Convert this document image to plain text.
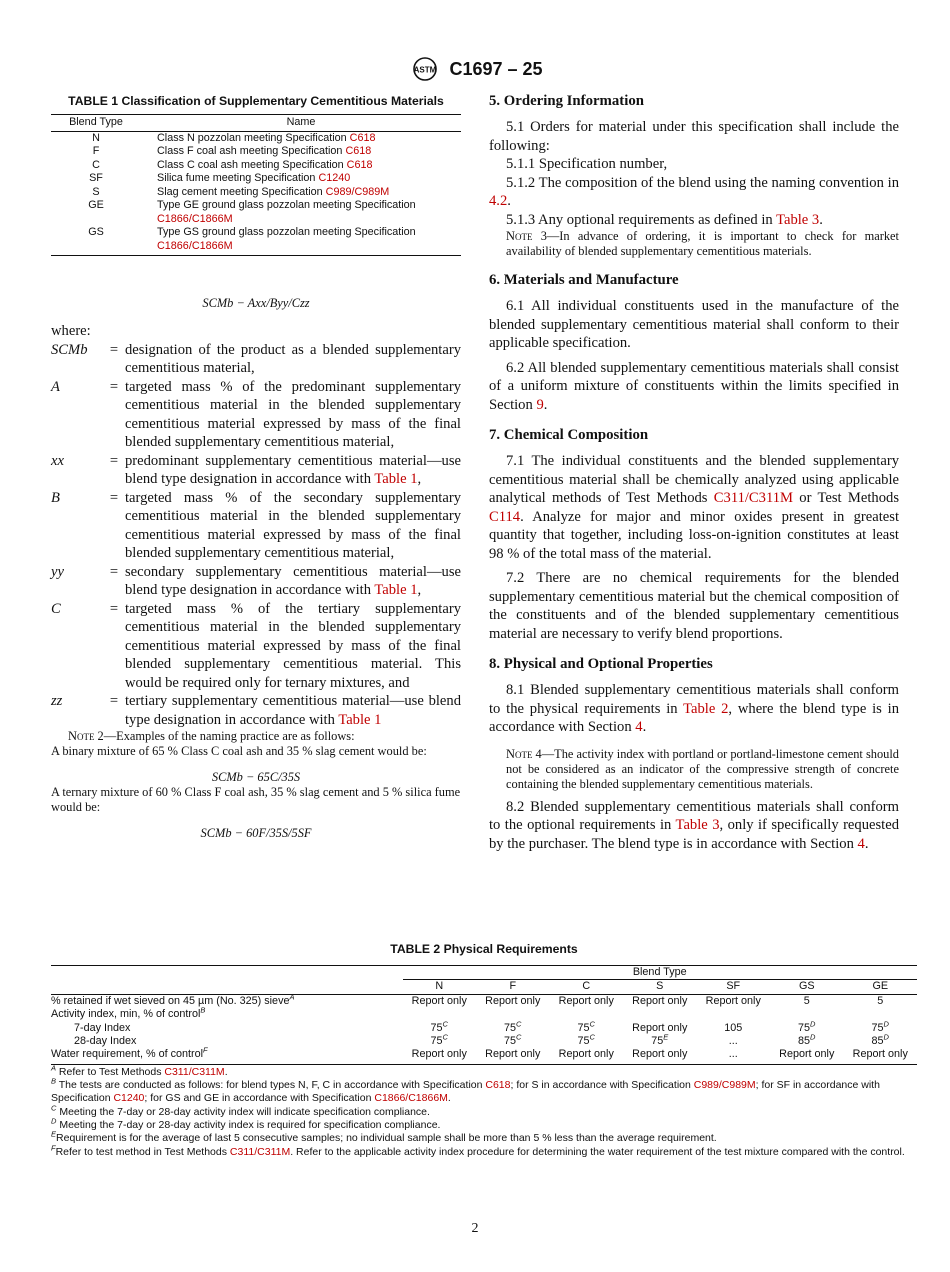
ASTM C1697 – 25
TABLE 1 Classification of Supplementary Cementitious Materials
Blend Type	Name
N	Class N pozzolan meeting Specification C618
F	Class F coal ash meeting Specification C618
C	Class C coal ash meeting Specification C618
SF	Silica fume meeting Specification C1240
S	Slag cement meeting Specification C989/C989M
GE	Type GE ground glass pozzolan meeting Specification
C1866/C1866M
GS	Type GS ground glass pozzolan meeting Specification
C1866/C1866M
SCMb − Axx/Byy/Czz
where:
SCMb	= designation of the product as a blended supplementary cementitious material,
A	= targeted mass % of the predominant supplementary cementitious material in the blended supplementary cementitious material expressed by mass of the final blended supplementary cementitious material,
xx	= predominant supplementary cementitious material—use blend type designation in accordance with Table 1,
B	= targeted mass % of the secondary supplementary cementitious material in the blended supplementary cementitious material expressed by mass of the final blended supplementary cementitious material,
yy	= secondary supplementary cementitious material—use blend type designation in accordance with Table 1,
C	= targeted mass % of the tertiary supplementary cementitious material in the blended supplementary cementitious material expressed by mass of the final blended supplementary cementitious material. This would be required only for ternary mixtures, and
zz	= tertiary supplementary cementitious material—use blend type designation in accordance with Table 1
Note 2—Examples of the naming practice are as follows:
A binary mixture of 65 % Class C coal ash and 35 % slag cement would be:
SCMb − 65C/35S
A ternary mixture of 60 % Class F coal ash, 35 % slag cement and 5 % silica fume would be:
SCMb − 60F/35S/5SF
5. Ordering Information

5.1 Orders for material under this specification shall include the following:

5.1.1 Specification number,

5.1.2 The composition of the blend using the naming convention in 4.2.

5.1.3 Any optional requirements as defined in Table 3.

Note 3—In advance of ordering, it is important to check for market availability of blended supplementary cementitious materials.
6. Materials and Manufacture

6.1 All individual constituents used in the manufacture of the blended supplementary cementitious material shall conform to their applicable specification.

6.2 All blended supplementary cementitious materials shall consist of a uniform mixture of constituents within the limits specified in Section 9.

7. Chemical Composition

7.1 The individual constituents and the blended supplementary cementitious material shall be chemically analyzed using applicable analytical methods of Test Methods C311/C311M or Test Methods C114. Analyze for major and minor oxides present in greatest quantity that together, including loss-on-ignition constitutes at least 98 % of the total mass of the material.

7.2 There are no chemical requirements for the blended supplementary cementitious material but the chemical composition of the constituents and of the blended supplementary cementitious material are necessary to verify blend proportions.

8. Physical and Optional Properties

8.1 Blended supplementary cementitious materials shall conform to the physical requirements in Table 2, where the blend type is in accordance with Section 4.

Note 4—The activity index with portland or portland-limestone cement should not be considered as an indicator of the compressive strength of concrete containing the blended supplementary cementitious materials.

8.2 Blended supplementary cementitious materials shall conform to the optional requirements in Table 3, only if specifically requested by the purchaser. The blend type is in accordance with Section 4.

TABLE 2 Physical Requirements
	Blend Type						
	N	F	C	S	SF	GS	GE
% retained if wet sieved on 45 µm (No. 325) sieve$^A$	Report only	Report only	Report only	Report only	Report only	5	5
Activity index, min, % of control$^B$							
7-day Index	$75^C$	$75^C$	$75^C$	Report only	105	$75^D$	$75^D$
28-day Index	$75^C$	$75^C$	$75^C$	$75^E$	...	$85^D$	$85^D$
Water requirement, % of control$^F$	Report only	Report only	Report only	Report only	...	Report only	Report only
$^A$ Refer to Test Methods C311/C311M.
$^B$ The tests are conducted as follows: for blend types N, F, C in accordance with Specification C618; for S in accordance with Specification C989/C989M; for SF in accordance with Specification C1240; for GS and GE in accordance with Specification C1866/C1866M.
$^C$ Meeting the 7-day or 28-day activity index will indicate specification compliance.
$^D$ Meeting the 7-day or 28-day activity index is required for specification compliance.
$^E$Requirement is for the average of last 5 consecutive samples; no individual sample shall be more than 5 % less than the average requirement.
$^F$Refer to test method in Test Methods C311/C311M. Refer to the applicable activity index procedure for determining the water requirement of the test mixture compared with the control.
2
